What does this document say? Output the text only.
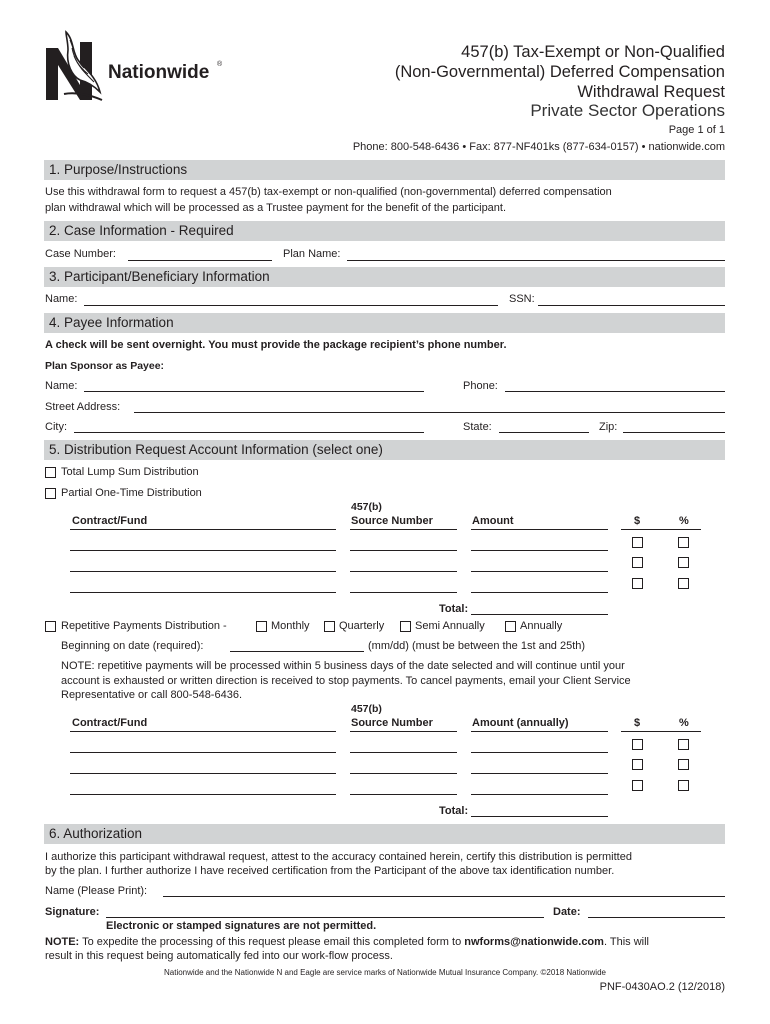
Nationwide ®
457(b) Tax-Exempt or Non-Qualified
(Non-Governmental) Deferred Compensation
Withdrawal Request
Private Sector Operations
Page 1 of 1
Phone: 800-548-6436 • Fax: 877-NF401ks (877-634-0157) • nationwide.com
1. Purpose/Instructions
Use this withdrawal form to request a 457(b) tax-exempt or non-qualified (non-governmental) deferred compensation
plan withdrawal which will be processed as a Trustee payment for the benefit of the participant.
2. Case Information - Required
Case Number:	Plan Name:
3. Participant/Beneficiary Information
Name:	SSN:
4. Payee Information
A check will be sent overnight. You must provide the package recipient’s phone number.
Plan Sponsor as Payee:
Name:	Phone:
Street Address:
City:	State:	Zip:
5. Distribution Request Account Information (select one)
Total Lump Sum Distribution
Partial One-Time Distribution
457(b)
Contract/Fund	Source Number	Amount	$	%
Total:
Repetitive Payments Distribution -	Monthly	Quarterly	Semi Annually	Annually
Beginning on date (required):	(mm/dd) (must be between the 1st and 25th)
NOTE: repetitive payments will be processed within 5 business days of the date selected and will continue until your
account is exhausted or written direction is received to stop payments. To cancel payments, email your Client Service
Representative or call 800-548-6436.
457(b)
Contract/Fund	Source Number	Amount (annually)	$	%
Total:
6. Authorization
I authorize this participant withdrawal request, attest to the accuracy contained herein, certify this distribution is permitted
by the plan. I further authorize I have received certification from the Participant of the above tax identification number.
Name (Please Print):
Signature:	Date:
Electronic or stamped signatures are not permitted.
NOTE: To expedite the processing of this request please email this completed form to nwforms@nationwide.com. This will
result in this request being automatically fed into our work-flow process.
Nationwide and the Nationwide N and Eagle are service marks of Nationwide Mutual Insurance Company. ©2018 Nationwide
PNF-0430AO.2 (12/2018)
